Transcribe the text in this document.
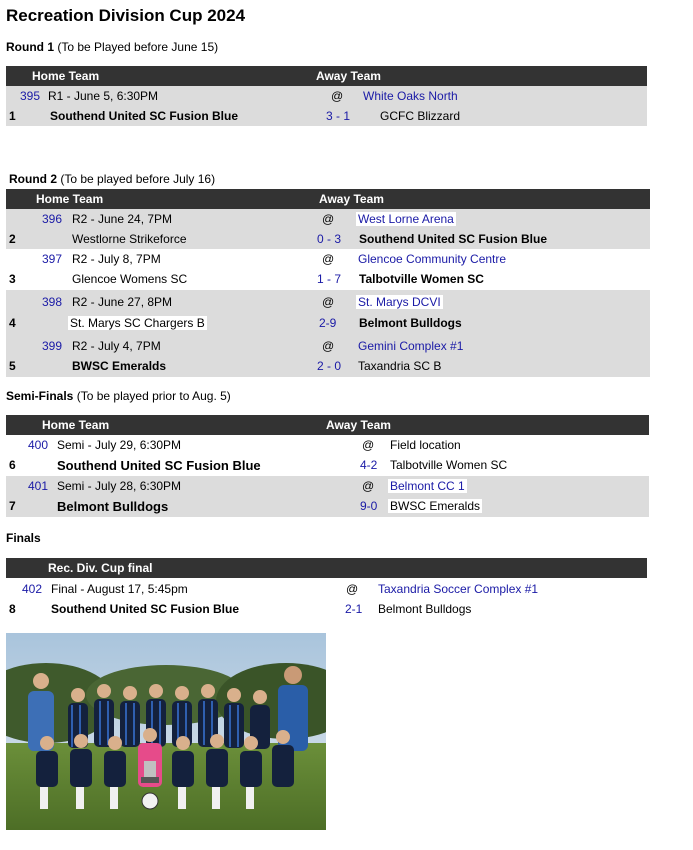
Recreation Division Cup 2024
Round 1 (To be Played before June 15)
Home Team	Away Team
395 R1 - June 5, 6:30PM	@ White Oaks North
1	Southend United SC Fusion Blue	3 - 1 GCFC Blizzard
Round 2 (To be played before July 16)
Home Team	Away Team
396 R2 - June 24, 7PM	@ West Lorne Arena
2	Westlorne Strikeforce	0 - 3 Southend United SC Fusion Blue
397 R2 - July 8, 7PM	@ Glencoe Community Centre
3	Glencoe Womens SC	1 - 7 Talbotville Women SC
398 R2 - June 27, 8PM	@ St. Marys DCVI
4	St. Marys SC Chargers B	2-9 Belmont Bulldogs
399 R2 - July 4, 7PM	@ Gemini Complex #1
5	BWSC Emeralds	2 - 0 Taxandria SC B
Semi-Finals (To be played prior to Aug. 5)
Home Team	Away Team
400 Semi - July 29, 6:30PM	@ Field location
6	Southend United SC Fusion Blue	4-2 Talbotville Women SC
401 Semi - July 28, 6:30PM	@ Belmont CC 1
7	Belmont Bulldogs	9-0 BWSC Emeralds
Finals
Rec. Div. Cup final
402 Final - August 17, 5:45pm	@ Taxandria Soccer Complex #1
8	Southend United SC Fusion Blue	2-1 Belmont Bulldogs
